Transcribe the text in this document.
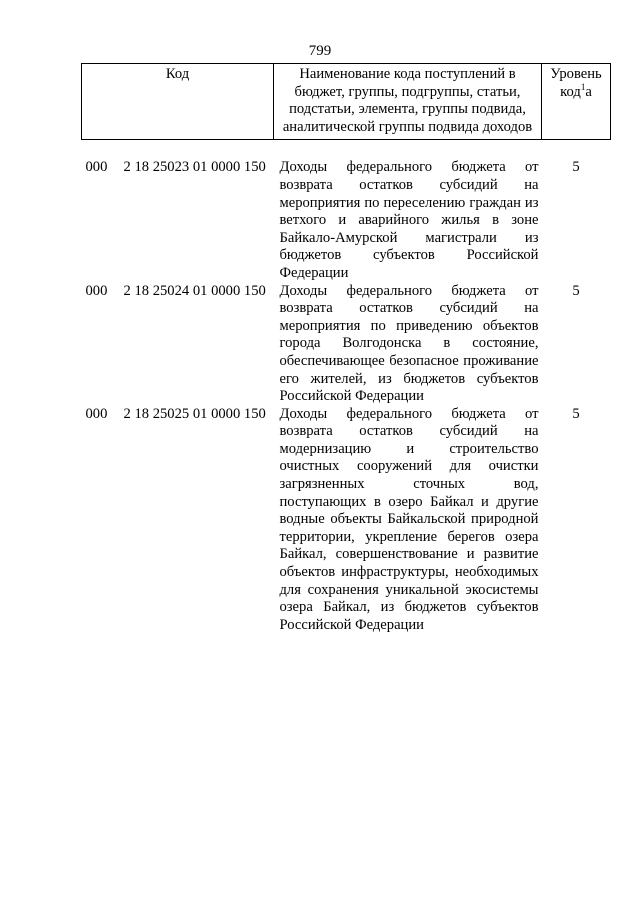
799
Код	Наименование кода поступлений в бюджет, группы, подгруппы, статьи, подстатьи, элемента, группы подвида, аналитической группы подвида доходов	Уровень код$^1$а

000 2 18 25023 01 0000 150	Доходы федерального бюджета от возврата остатков субсидий на мероприятия по переселению граждан из ветхого и аварийного жилья в зоне Байкало-Амурской магистрали из бюджетов субъектов Российской Федерации	5
000 2 18 25024 01 0000 150	Доходы федерального бюджета от возврата остатков субсидий на мероприятия по приведению объектов города Волгодонска в состояние, обеспечивающее безопасное проживание его жителей, из бюджетов субъектов Российской Федерации	5
000 2 18 25025 01 0000 150	Доходы федерального бюджета от возврата остатков субсидий на модернизацию и строительство очистных сооружений для очистки загрязненных сточных вод, поступающих в озеро Байкал и другие водные объекты Байкальской природной территории, укрепление берегов озера Байкал, совершенствование и развитие объектов инфраструктуры, необходимых для сохранения уникальной экосистемы озера Байкал, из бюджетов субъектов Российской Федерации	5
